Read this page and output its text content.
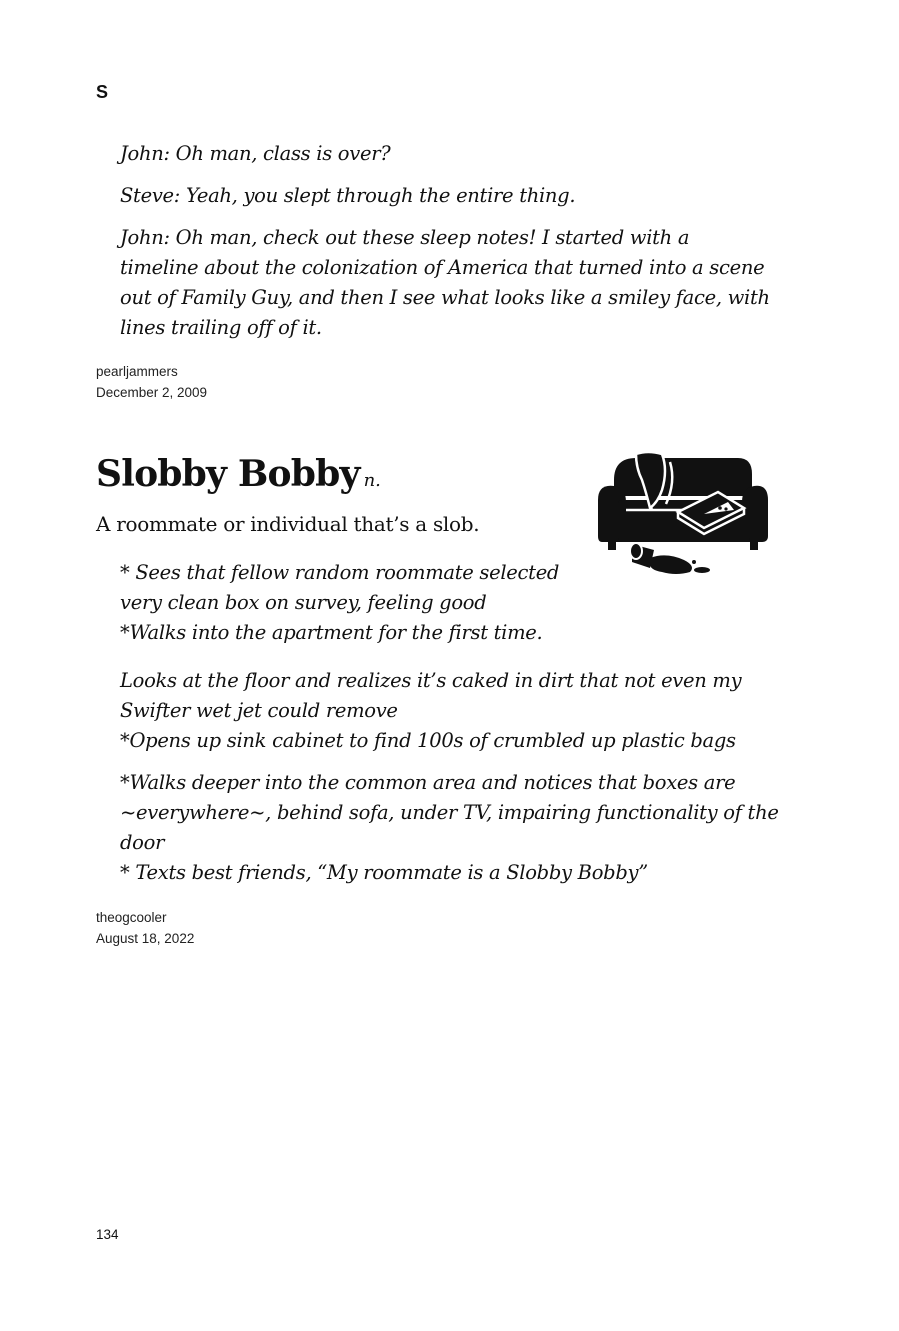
S

John: Oh man, class is over?

Steve: Yeah, you slept through the entire thing.

John: Oh man, check out these sleep notes! I started with a timeline about the colonization of America that turned into a scene out of Family Guy, and then I see what looks like a smiley face, with lines trailing off of it.

pearljammers
December 2, 2009
Slobby Bobby n.
A roommate or individual that’s a slob.

* Sees that fellow random roommate selected

very clean box on survey, feeling good

*Walks into the apartment for the first time.

Looks at the floor and realizes it’s caked in dirt that not even my Swifter wet jet could remove

*Opens up sink cabinet to find 100s of crumbled up plastic bags

*Walks deeper into the common area and notices that boxes are ~everywhere~, behind sofa, under TV, impairing functionality of the door

* Texts best friends, “My roommate is a Slobby Bobby”

theogcooler
August 18, 2022
134
